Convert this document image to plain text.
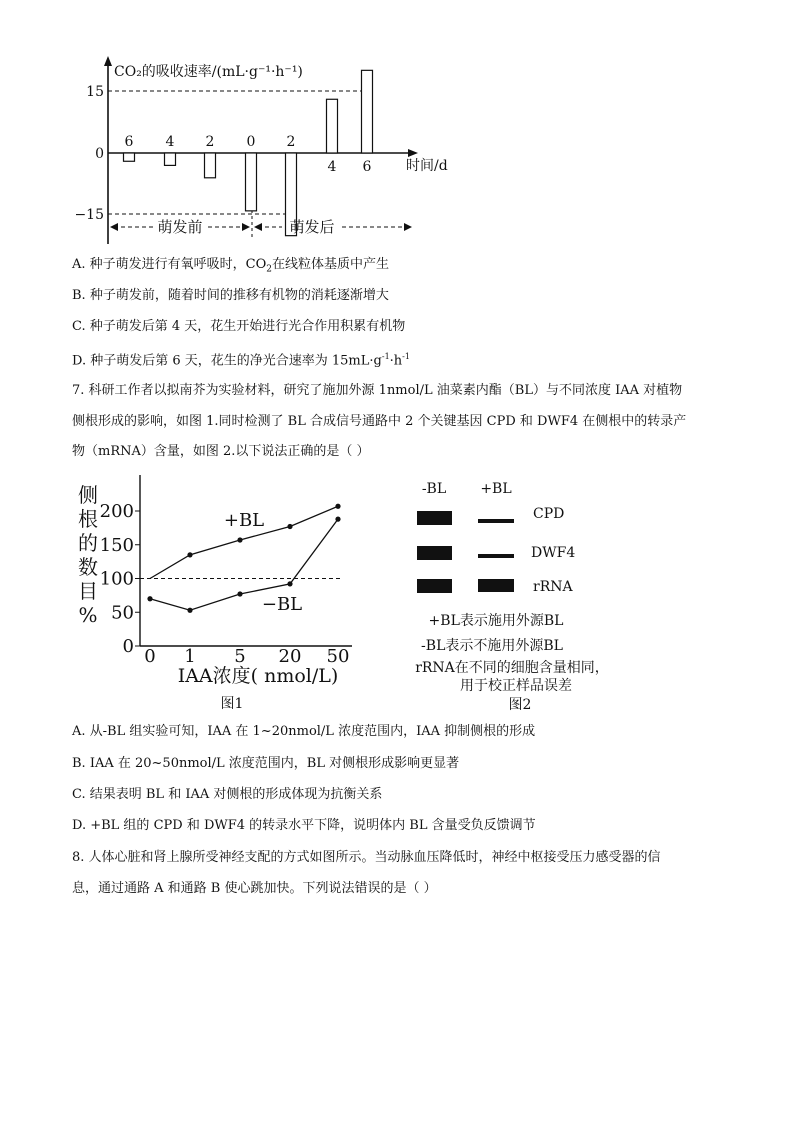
CO₂的吸收速率/(mL·g⁻¹·h⁻¹)
时间/d
15
0
−15
6 4 2 0 2
4 6
萌发前	萌发后
A. 种子萌发进行有氧呼吸时，$CO_2$在线粒体基质中产生
B. 种子萌发前，随着时间的推移有机物的消耗逐渐增大
C. 种子萌发后第 4 天，花生开始进行光合作用积累有机物
D. 种子萌发后第 6 天，花生的净光合速率为 $15mL\cdot g^{-1}\cdot h^{-1}$
7. 科研工作者以拟南芥为实验材料，研究了施加外源 1nmol/L 油菜素内酯（BL）与不同浓度 IAA 对植物
侧根形成的影响，如图 1.同时检测了 BL 合成信号通路中 2 个关键基因 CPD 和 DWF4 在侧根中的转录产
物（mRNA）含量，如图 2.以下说法正确的是（ ）
0
50
100
150
200
0 1 5 20 50
侧
根
的
数
目
%
+BL
−BL
IAA浓度( nmol/L)
图1
-BL +BL
CPD
DWF4
rRNA
+BL表示施用外源BL
-BL表示不施用外源BL
rRNA在不同的细胞含量相同，
用于校正样品误差
图2
A. 从-BL 组实验可知，IAA 在 1~20nmol/L 浓度范围内，IAA 抑制侧根的形成
B. IAA 在 20~50nmol/L 浓度范围内，BL 对侧根形成影响更显著
C. 结果表明 BL 和 IAA 对侧根的形成体现为抗衡关系
D. +BL 组的 CPD 和 DWF4 的转录水平下降，说明体内 BL 含量受负反馈调节
8. 人体心脏和肾上腺所受神经支配的方式如图所示。当动脉血压降低时，神经中枢接受压力感受器的信
息，通过通路 A 和通路 B 使心跳加快。下列说法错误的是（ ）
